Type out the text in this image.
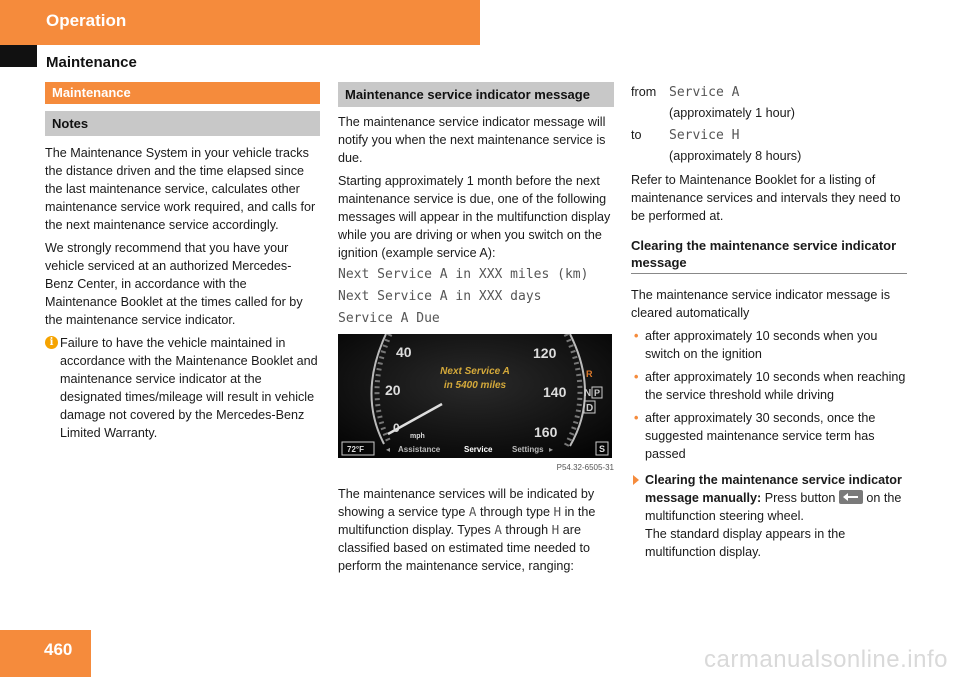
Operation
Maintenance
Maintenance
Notes

The Maintenance System in your vehicle tracks the distance driven and the time elapsed since the last maintenance service, calculates other maintenance service work required, and calls for the next maintenance service accordingly.

We strongly recommend that you have your vehicle serviced at an authorized Mercedes-Benz Center, in accordance with the Maintenance Booklet at the times called for by the maintenance service indicator.

i Failure to have the vehicle maintained in accordance with the Maintenance Booklet and maintenance service indicator at the designated times/mileage will result in vehicle damage not covered by the Mercedes-Benz Limited Warranty.
Maintenance service indicator message

The maintenance service indicator message will notify you when the next maintenance service is due.

Starting approximately 1 month before the next maintenance service is due, one of the following messages will appear in the multifunction display while you are driving or when you switch on the ignition (example service A):

Next Service A in XXX miles (km)
Next Service A in XXX days
Service A Due
40
20
0
mph
120
140
160
Next Service A
in 5400 miles
R
N P
D
72°F	◂ Assistance	Service Settings ▸	S
P54.32-6505-31

The maintenance services will be indicated by showing a service type A through type H in the multifunction display. Types A through H are classified based on estimated time needed to perform the maintenance service, ranging:

from Service A
(approximately 1 hour)
to	Service H
(approximately 8 hours)

Refer to Maintenance Booklet for a listing of maintenance services and intervals they need to be performed at.

Clearing the maintenance service indicator message

The maintenance service indicator message is cleared automatically

• after approximately 10 seconds when you switch on the ignition
• after approximately 10 seconds when reaching the service threshold while driving
• after approximately 30 seconds, once the suggested maintenance service term has passed
Clearing the maintenance service indicator message manually: Press button  on the multifunction steering wheel.
The standard display appears in the multifunction display.
460	carmanualsonline.info
